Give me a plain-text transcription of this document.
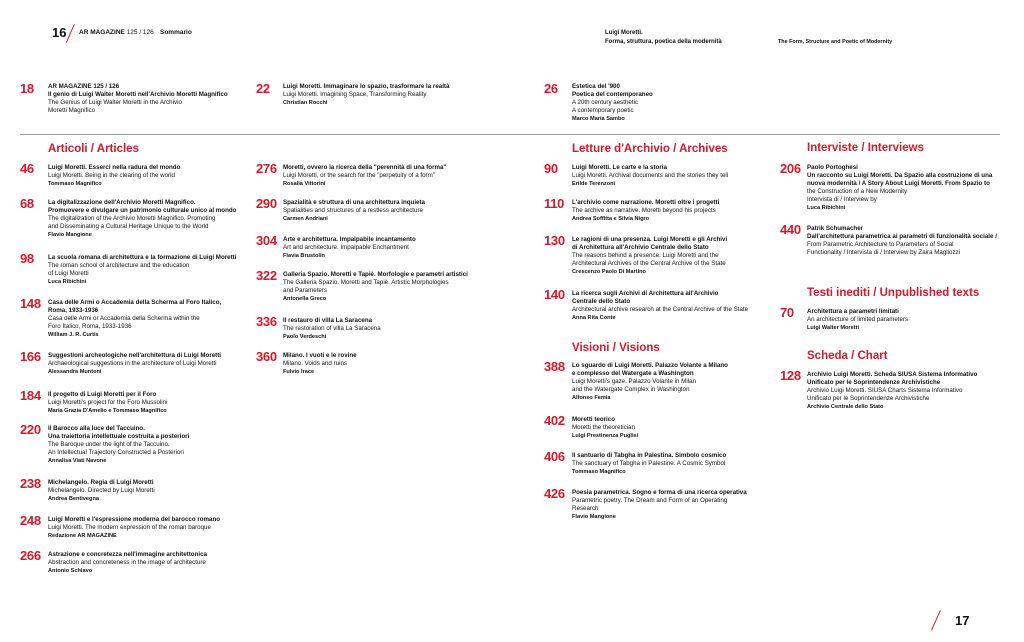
16 AR MAGAZINE 125 / 126 Sommario	Luigi Moretti.
Forma, struttura, poetica della modernità	The Form, Structure and Poetic of Modernity
18 AR MAGAZINE 125 / 126
Il genio di Luigi Walter Moretti nell'Archivio Moretti Magnifico
The Genius of Luigi Walter Moretti in the Archivio
Moretti Magnifico
22 Luigi Moretti. Immaginare lo spazio, trasformare la realtà
Luigi Moretti. Imagining Space, Transforming Reality
Christian Rocchi
26 Estetica del '900
Poetica del contemporaneo
A 20th century aesthetic
A contemporary poetic
Marco Maria Sambo
Articoli / Articles	Letture d'Archivio / Archives	Interviste / Interviews
Visioni / Visions
Testi inediti / Unpublished texts
Scheda / Chart
46 Luigi Moretti. Esserci nella radura del mondo
Luigi Moretti. Being in the clearing of the world
Tommaso Magnifico
68 La digitalizzazione dell'Archivio Moretti Magnifico.
Promuovere e divulgare un patrimonio culturale unico al mondo
The digitalization of the Archivio Moretti Magnifico. Promoting
and Disseminating a Cultural Heritage Unique to the World
Flavio Mangione
98 La scuola romana di architettura e la formazione di Luigi Moretti
The roman school of architecture and the education
of Luigi Moretti
Luca Ribichini
148 Casa delle Armi o Accademia della Scherma al Foro Italico,
Roma, 1933-1936
Casa delle Armi or Accademia della Scherma within the
Foro Italico, Roma, 1933-1936
William J. R. Curtis
166 Suggestioni archeologiche nell'architettura di Luigi Moretti
Archaeological suggestions in the architecture of Luigi Moretti
Alessandra Muntoni
184 Il progetto di Luigi Moretti per il Foro
Luigi Moretti's project for the Foro Mussolini
Maria Grazia D'Amelio e Tommaso Magnifico
220 Il Barocco alla luce del Taccuino.
Una traiettoria intellettuale costruita a posteriori
The Baroque under the light of the Taccuino.
An Intellectual Trajectory Constructed a Posteriori
Annalisa Viati Navone
238 Michelangelo. Regia di Luigi Moretti
Michelangelo. Directed by Luigi Moretti
Andrea Bentivegna
248 Luigi Moretti e l'espressione moderna del barocco romano
Luigi Moretti. The modern expression of the roman baroque
Redazione AR MAGAZINE
266 Astrazione e concretezza nell'immagine architettonica
Abstraction and concreteness in the image of architecture
Antonio Schiavo
276 Moretti, ovvero la ricerca della "perennità di una forma"
Luigi Moretti, or the search for the "perpetuity of a form"
Rosalia Vittorini
290 Spazialità e struttura di una architettura inquieta
Spatialities and structures of a restless architecture
Carmen Andriani
304 Arte e architettura. Impalpabile incantamento
Art and architecture. Impalpable Enchantment
Flavia Brustolin
322 Galleria Spazio. Moretti e Tapiè. Morfologie e parametri artistici
The Galleria Spazio. Moretti and Tapiè. Artistic Morphologies
and Parameters
Antonella Greco
336 Il restauro di villa La Saracena
The restoration of villa La Saracena
Paolo Verdeschi
360 Milano. I vuoti e le rovine
Milano. Voids and ruins
Fulvio Irace
90 Luigi Moretti. Le carte e la storia
Luigi Moretti. Archival documents and the stories they tell
Erilde Terenzoni
110 L'archivio come narrazione. Moretti oltre i progetti
The archive as narrative. Moretti beyond his projects
Andrea Soffitta e Silvia Nigro
130 Le ragioni di una presenza. Luigi Moretti e gli Archivi
di Architettura all'Archivio Centrale dello Stato
The reasons behind a presence. Luigi Moretti and the
Architectural Archives of the Central Archive of the State
Crescenzo Paolo Di Martino
140 La ricerca sugli Archivi di Architettura all'Archivio
Centrale dello Stato
Architectural archive research at the Central Archive of the State
Anna Rita Conte
388 Lo sguardo di Luigi Moretti. Palazzo Volante a Milano
e complesso del Watergate a Washington
Luigi Moretti's gaze. Palazzo Volante in Milan
and the Watergate Complex in Washington
Alfonso Femia
402 Moretti teorico
Moretti the theoretician
Luigi Prestinenza Puglisi
406 Il santuario di Tabgha in Palestina. Simbolo cosmico
The sanctuary of Tabgha in Palestine. A Cosmic Symbol
Tommaso Magnifico
426 Poesia parametrica. Sogno e forma di una ricerca operativa
Parametric poetry. The Dream and Form of an Operating
Research
Flavio Mangione
206 Paolo Portoghesi
Un racconto su Luigi Moretti. Da Spazio alla costruzione di una
nuova modernità / A Story About Luigi Moretti. From Spazio to
the Construction of a New Modernity
Intervista di / Interview by
Luca Ribichini
440 Patrik Schumacher
Dall'architettura parametrica ai parametri di funzionalità sociale /
From Parametric Architecture to Parameters of Social
Functionality / Intervista di / Interview by Zaira Magliozzi
70 Architettura a parametri limitati
An architecture of limited parameters
Luigi Walter Moretti
128 Archivio Luigi Moretti. Scheda SIUSA Sistema Informativo
Unificato per le Soprintendenze Archivistiche
Archivio Luigi Moretti. SIUSA Charts Sistema Informativo
Unificato per le Soprintendenze Archivistiche
Archivio Centrale dello Stato
17
